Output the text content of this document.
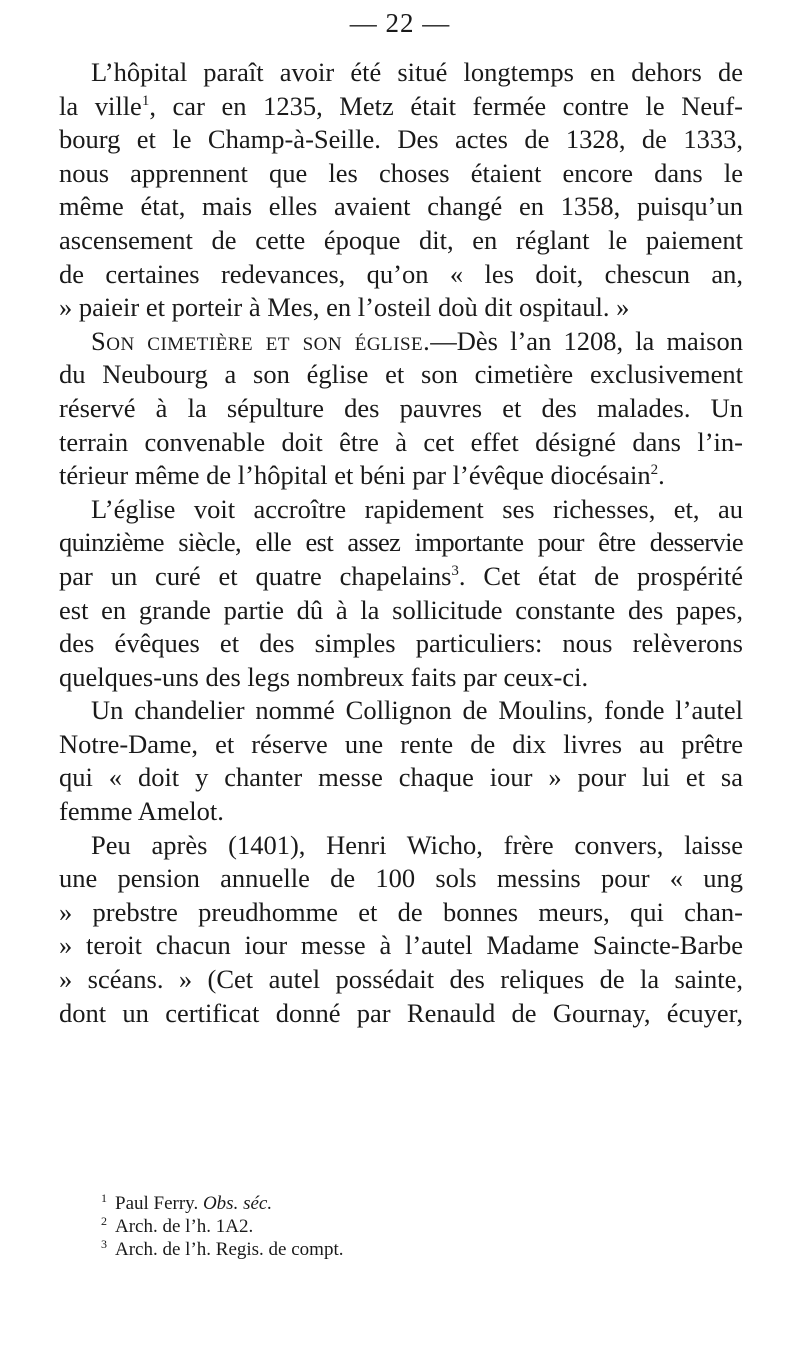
— 22 —
L’hôpital paraît avoir été situé longtemps en dehors de
la ville$^1$, car en 1235, Metz était fermée contre le Neuf-
bourg et le Champ-à-Seille. Des actes de 1328, de 1333,
nous apprennent que les choses étaient encore dans le
même état, mais elles avaient changé en 1358, puisqu’un
ascensement de cette époque dit, en réglant le paiement
de certaines redevances, qu’on « les doit, chescun an,
» paieir et porteir à Mes, en l’osteil doù dit ospitaul. »
Son cimetière et son église.—Dès l’an 1208, la maison
du Neubourg a son église et son cimetière exclusivement
réservé à la sépulture des pauvres et des malades. Un
terrain convenable doit être à cet effet désigné dans l’in-
térieur même de l’hôpital et béni par l’évêque diocésain$^2$.
L’église voit accroître rapidement ses richesses, et, au
quinzième siècle, elle est assez importante pour être desservie
par un curé et quatre chapelains$^3$. Cet état de prospérité
est en grande partie dû à la sollicitude constante des papes,
des évêques et des simples particuliers: nous relèverons
quelques-uns des legs nombreux faits par ceux-ci.
Un chandelier nommé Collignon de Moulins, fonde l’autel
Notre-Dame, et réserve une rente de dix livres au prêtre
qui « doit y chanter messe chaque iour » pour lui et sa
femme Amelot.
Peu après (1401), Henri Wicho, frère convers, laisse
une pension annuelle de 100 sols messins pour « ung
» prebstre preudhomme et de bonnes meurs, qui chan-
» teroit chacun iour messe à l’autel Madame Saincte-Barbe
» scéans. » (Cet autel possédait des reliques de la sainte,
dont un certificat donné par Renauld de Gournay, écuyer,
1 Paul Ferry. Obs. séc.
2 Arch. de l’h. 1A2.
3 Arch. de l’h. Regis. de compt.
